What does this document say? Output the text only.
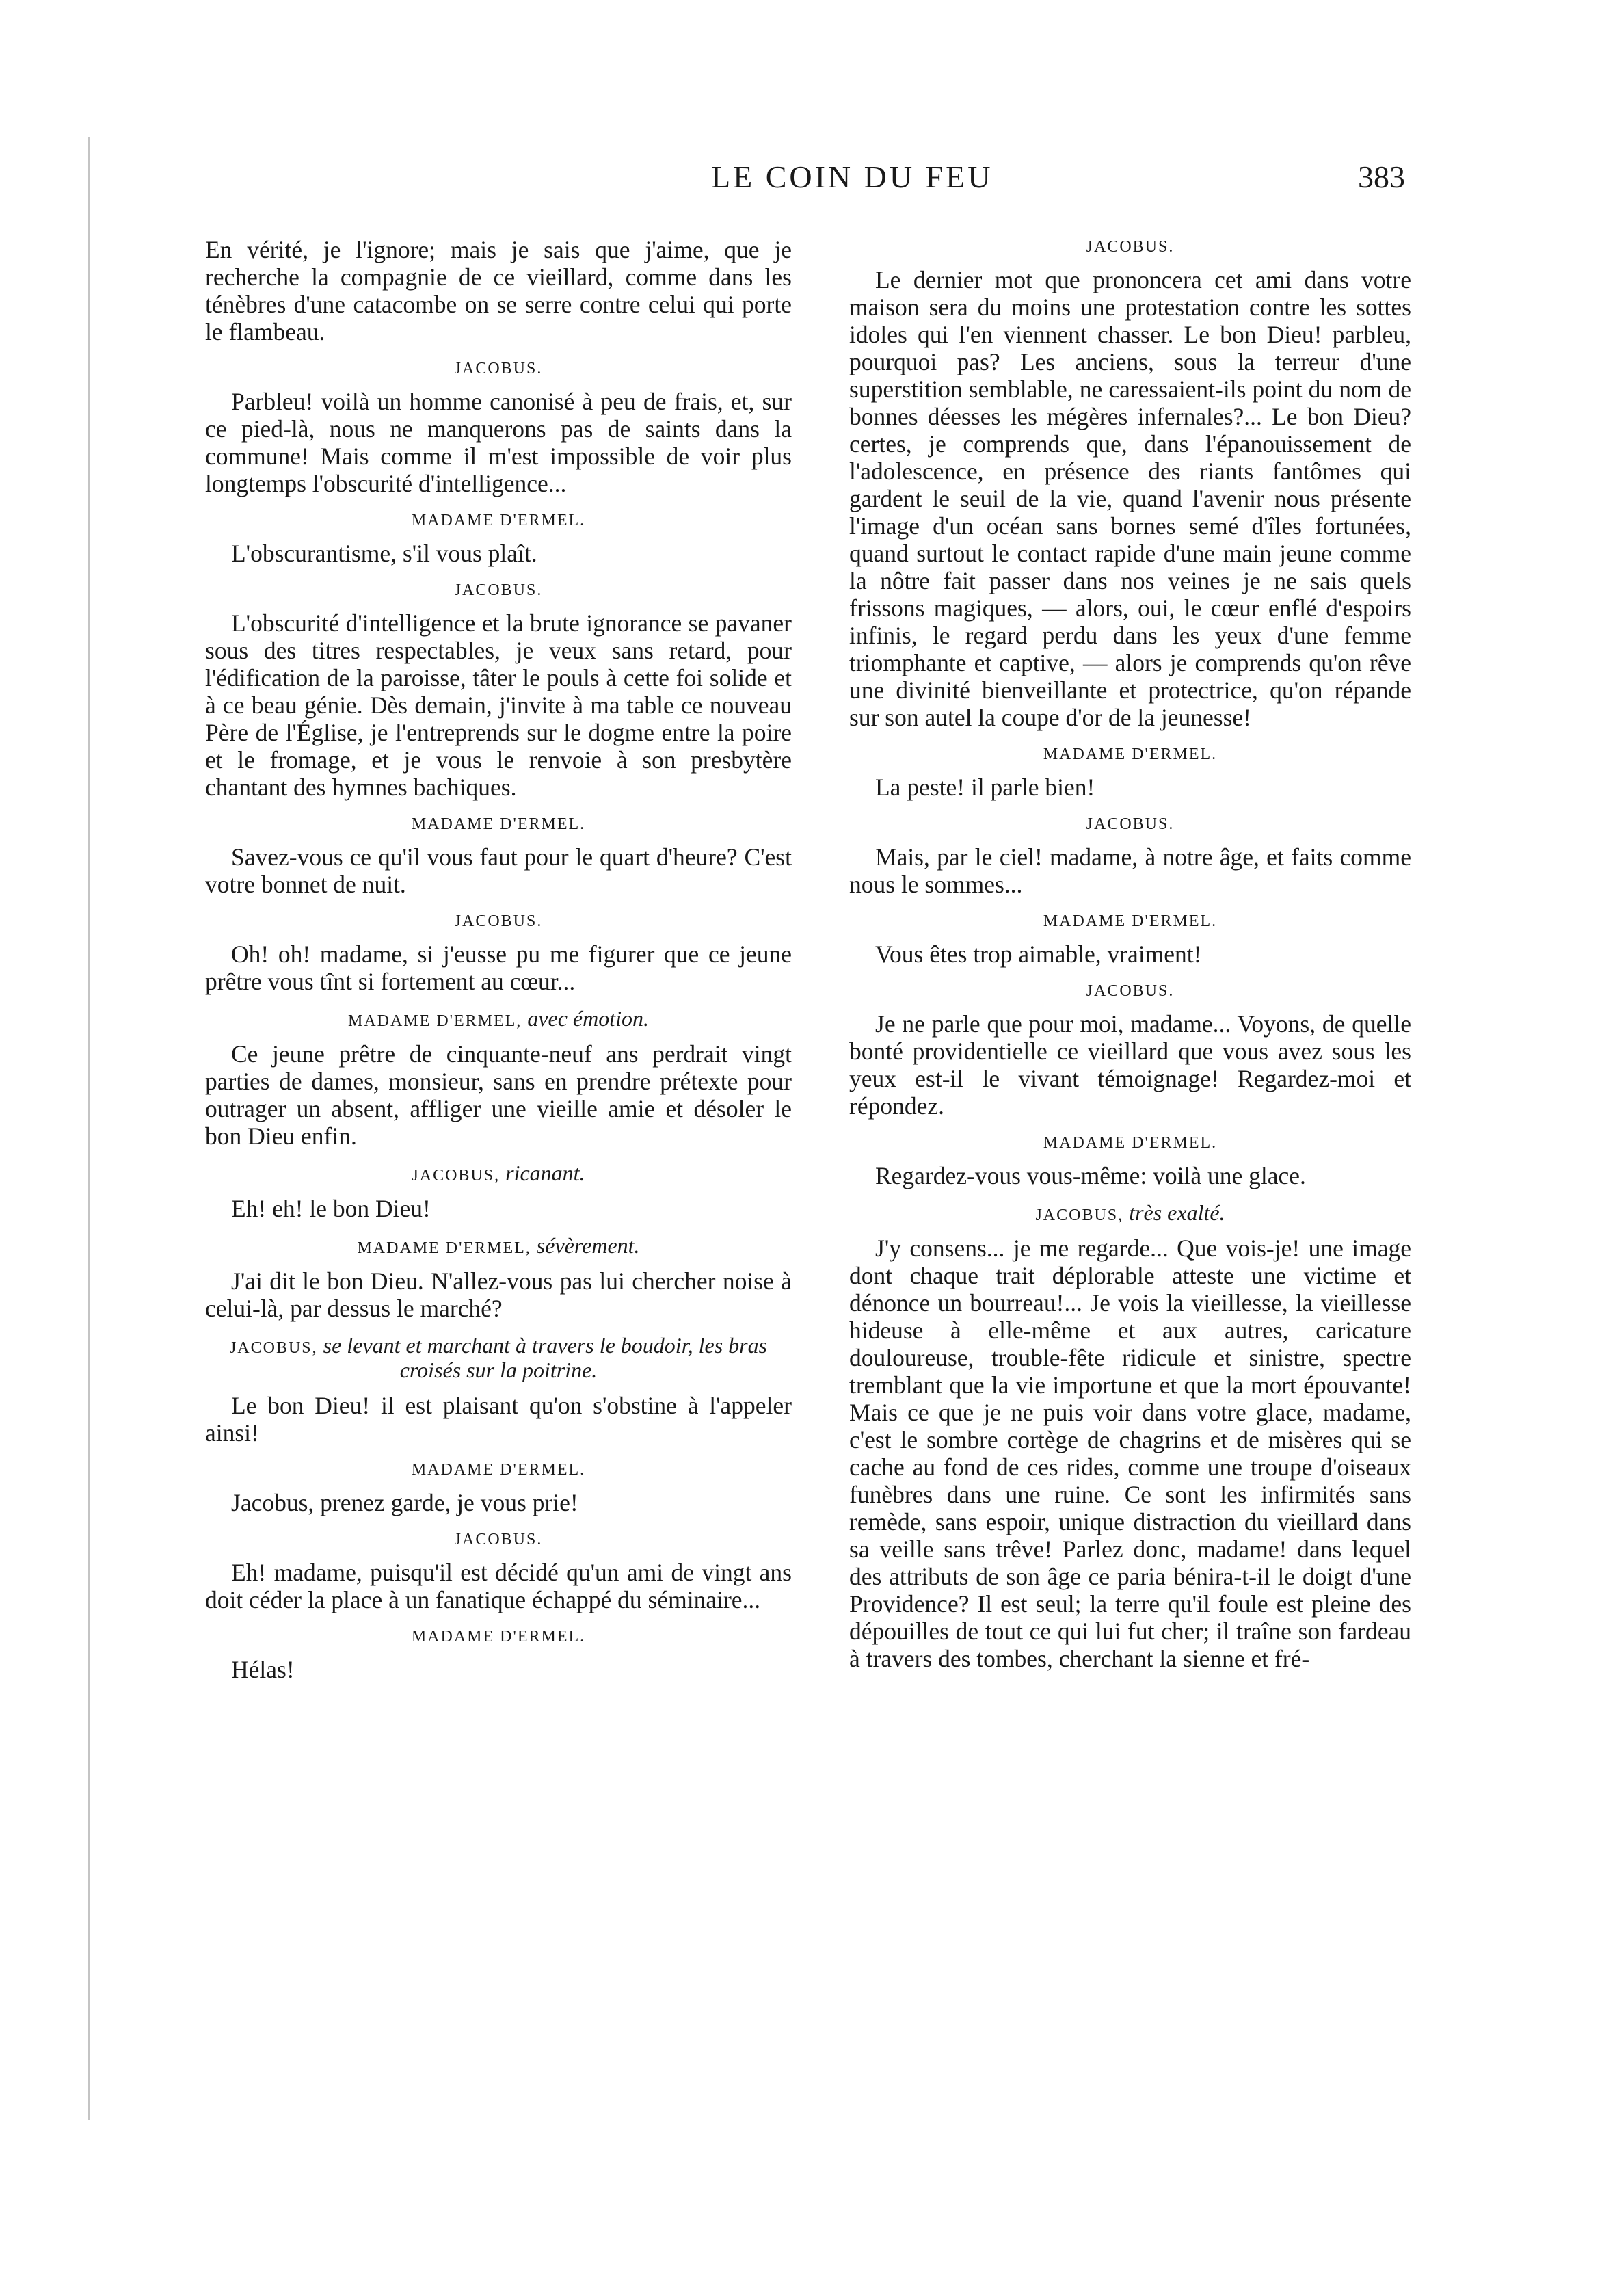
LE COIN DU FEU	383

En vérité, je l'ignore; mais je sais que j'aime, que je recherche la compagnie de ce vieillard, comme dans les ténèbres d'une catacombe on se serre contre celui qui porte le flambeau.

JACOBUS.

Parbleu! voilà un homme canonisé à peu de frais, et, sur ce pied-là, nous ne manquerons pas de saints dans la commune! Mais comme il m'est impossible de voir plus longtemps l'obscurité d'intelligence...

MADAME D'ERMEL.

L'obscurantisme, s'il vous plaît.

JACOBUS.

L'obscurité d'intelligence et la brute ignorance se pavaner sous des titres respectables, je veux sans retard, pour l'édification de la paroisse, tâter le pouls à cette foi solide et à ce beau génie. Dès demain, j'invite à ma table ce nouveau Père de l'Église, je l'entreprends sur le dogme entre la poire et le fromage, et je vous le renvoie à son presbytère chantant des hymnes bachiques.

MADAME D'ERMEL.

Savez-vous ce qu'il vous faut pour le quart d'heure? C'est votre bonnet de nuit.

JACOBUS.

Oh! oh! madame, si j'eusse pu me figurer que ce jeune prêtre vous tînt si fortement au cœur...

MADAME D'ERMEL, avec émotion.

Ce jeune prêtre de cinquante-neuf ans perdrait vingt parties de dames, monsieur, sans en prendre prétexte pour outrager un absent, affliger une vieille amie et désoler le bon Dieu enfin.

JACOBUS, ricanant.

Eh! eh! le bon Dieu!

MADAME D'ERMEL, sévèrement.

J'ai dit le bon Dieu. N'allez-vous pas lui chercher noise à celui-là, par dessus le marché?

JACOBUS, se levant et marchant à travers le boudoir, les bras croisés sur la poitrine.

Le bon Dieu! il est plaisant qu'on s'obstine à l'appeler ainsi!

MADAME D'ERMEL.

Jacobus, prenez garde, je vous prie!

JACOBUS.

Eh! madame, puisqu'il est décidé qu'un ami de vingt ans doit céder la place à un fanatique échappé du séminaire...

MADAME D'ERMEL.

Hélas!

JACOBUS.

Le dernier mot que prononcera cet ami dans votre maison sera du moins une protestation contre les sottes idoles qui l'en viennent chasser. Le bon Dieu! parbleu, pourquoi pas? Les anciens, sous la terreur d'une superstition semblable, ne caressaient-ils point du nom de bonnes déesses les mégères infernales?... Le bon Dieu? certes, je comprends que, dans l'épanouissement de l'adolescence, en présence des riants fantômes qui gardent le seuil de la vie, quand l'avenir nous présente l'image d'un océan sans bornes semé d'îles fortunées, quand surtout le contact rapide d'une main jeune comme la nôtre fait passer dans nos veines je ne sais quels frissons magiques, — alors, oui, le cœur enflé d'espoirs infinis, le regard perdu dans les yeux d'une femme triomphante et captive, — alors je comprends qu'on rêve une divinité bienveillante et protectrice, qu'on répande sur son autel la coupe d'or de la jeunesse!

MADAME D'ERMEL.

La peste! il parle bien!

JACOBUS.

Mais, par le ciel! madame, à notre âge, et faits comme nous le sommes...

MADAME D'ERMEL.

Vous êtes trop aimable, vraiment!

JACOBUS.

Je ne parle que pour moi, madame... Voyons, de quelle bonté providentielle ce vieillard que vous avez sous les yeux est-il le vivant témoignage! Regardez-moi et répondez.

MADAME D'ERMEL.

Regardez-vous vous-même: voilà une glace.

JACOBUS, très exalté.

J'y consens... je me regarde... Que vois-je! une image dont chaque trait déplorable atteste une victime et dénonce un bourreau!... Je vois la vieillesse, la vieillesse hideuse à elle-même et aux autres, caricature douloureuse, trouble-fête ridicule et sinistre, spectre tremblant que la vie importune et que la mort épouvante! Mais ce que je ne puis voir dans votre glace, madame, c'est le sombre cortège de chagrins et de misères qui se cache au fond de ces rides, comme une troupe d'oiseaux funèbres dans une ruine. Ce sont les infirmités sans remède, sans espoir, unique distraction du vieillard dans sa veille sans trêve! Parlez donc, madame! dans lequel des attributs de son âge ce paria bénira-t-il le doigt d'une Providence? Il est seul; la terre qu'il foule est pleine des dépouilles de tout ce qui lui fut cher; il traîne son fardeau à travers des tombes, cherchant la sienne et fré-
